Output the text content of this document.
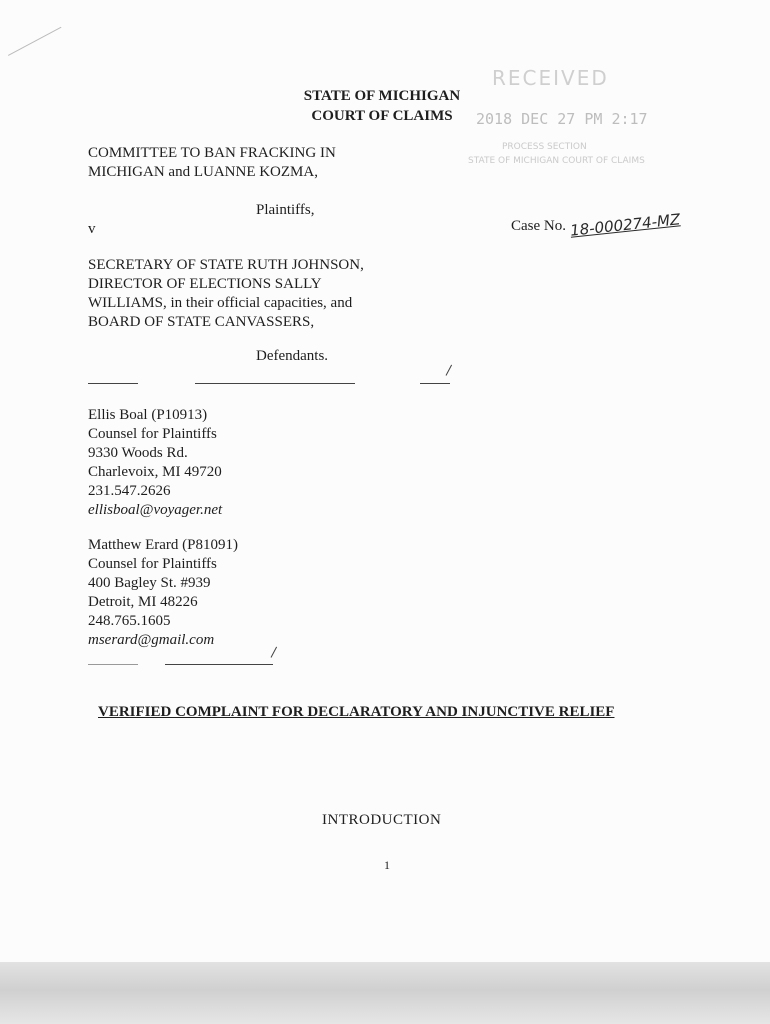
STATE OF MICHIGAN
COURT OF CLAIMS
RECEIVED
2018 DEC 27 PM 2:17
PROCESS SECTION
STATE OF MICHIGAN COURT OF CLAIMS
COMMITTEE TO BAN FRACKING IN
MICHIGAN and LUANNE KOZMA,
Plaintiffs,
v	Case No. 18-000274-MZ
SECRETARY OF STATE RUTH JOHNSON,
DIRECTOR OF ELECTIONS SALLY
WILLIAMS, in their official capacities, and
BOARD OF STATE CANVASSERS,
Defendants.
Ellis Boal (P10913)
Counsel for Plaintiffs
9330 Woods Rd.
Charlevoix, MI 49720
231.547.2626
ellisboal@voyager.net
Matthew Erard (P81091)
Counsel for Plaintiffs
400 Bagley St. #939
Detroit, MI 48226
248.765.1605
mserard@gmail.com
VERIFIED COMPLAINT FOR DECLARATORY AND INJUNCTIVE RELIEF
INTRODUCTION
1
